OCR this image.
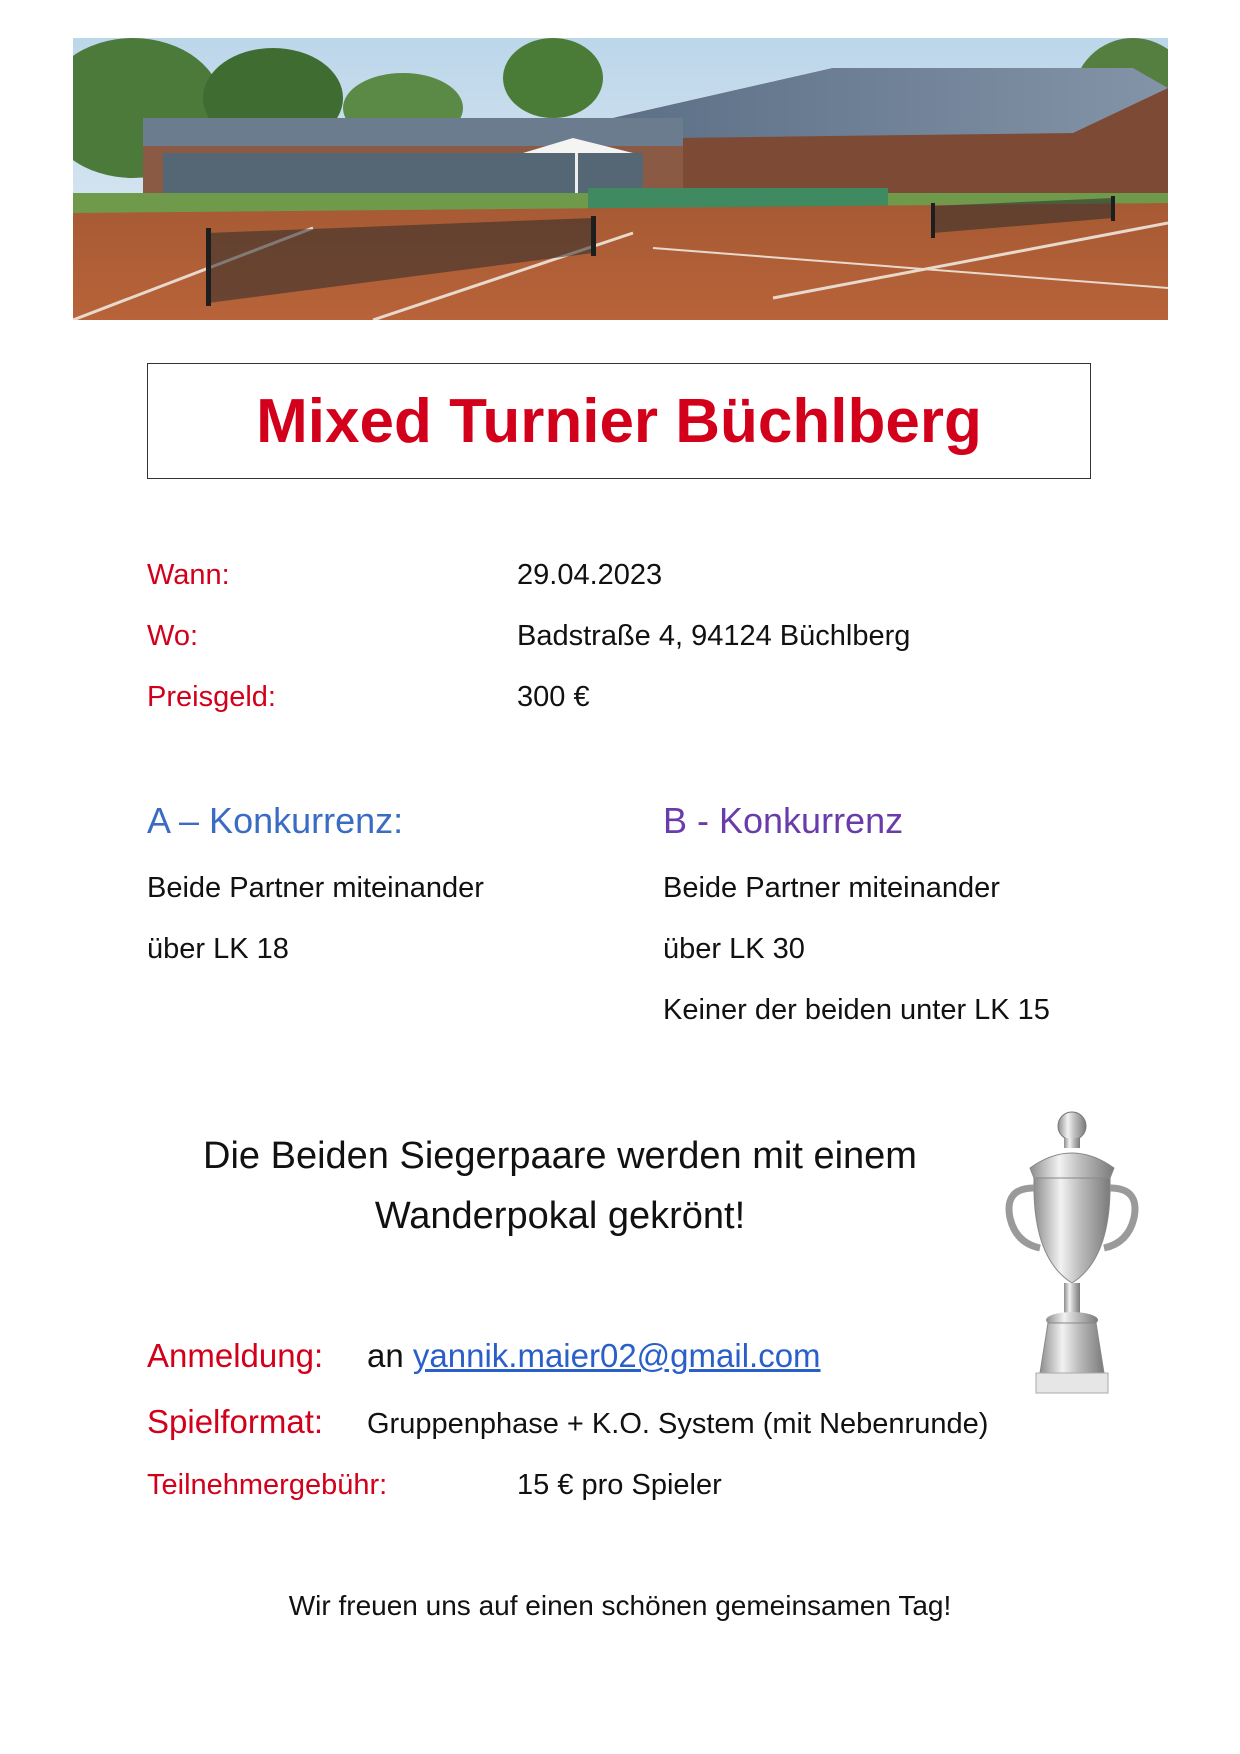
Mixed Turnier Büchlberg
Wann:	29.04.2023
Wo:	Badstraße 4, 94124 Büchlberg
Preisgeld:	300 €
A – Konkurrenz:
Beide Partner miteinander
über LK 18
B - Konkurrenz
Beide Partner miteinander
über LK 30
Keiner der beiden unter LK 15
Die Beiden Siegerpaare werden mit einem
Wanderpokal gekrönt!
Anmeldung: an yannik.maier02@gmail.com
Spielformat: Gruppenphase + K.O. System (mit Nebenrunde)
Teilnehmergebühr:	15 € pro Spieler
Wir freuen uns auf einen schönen gemeinsamen Tag!
